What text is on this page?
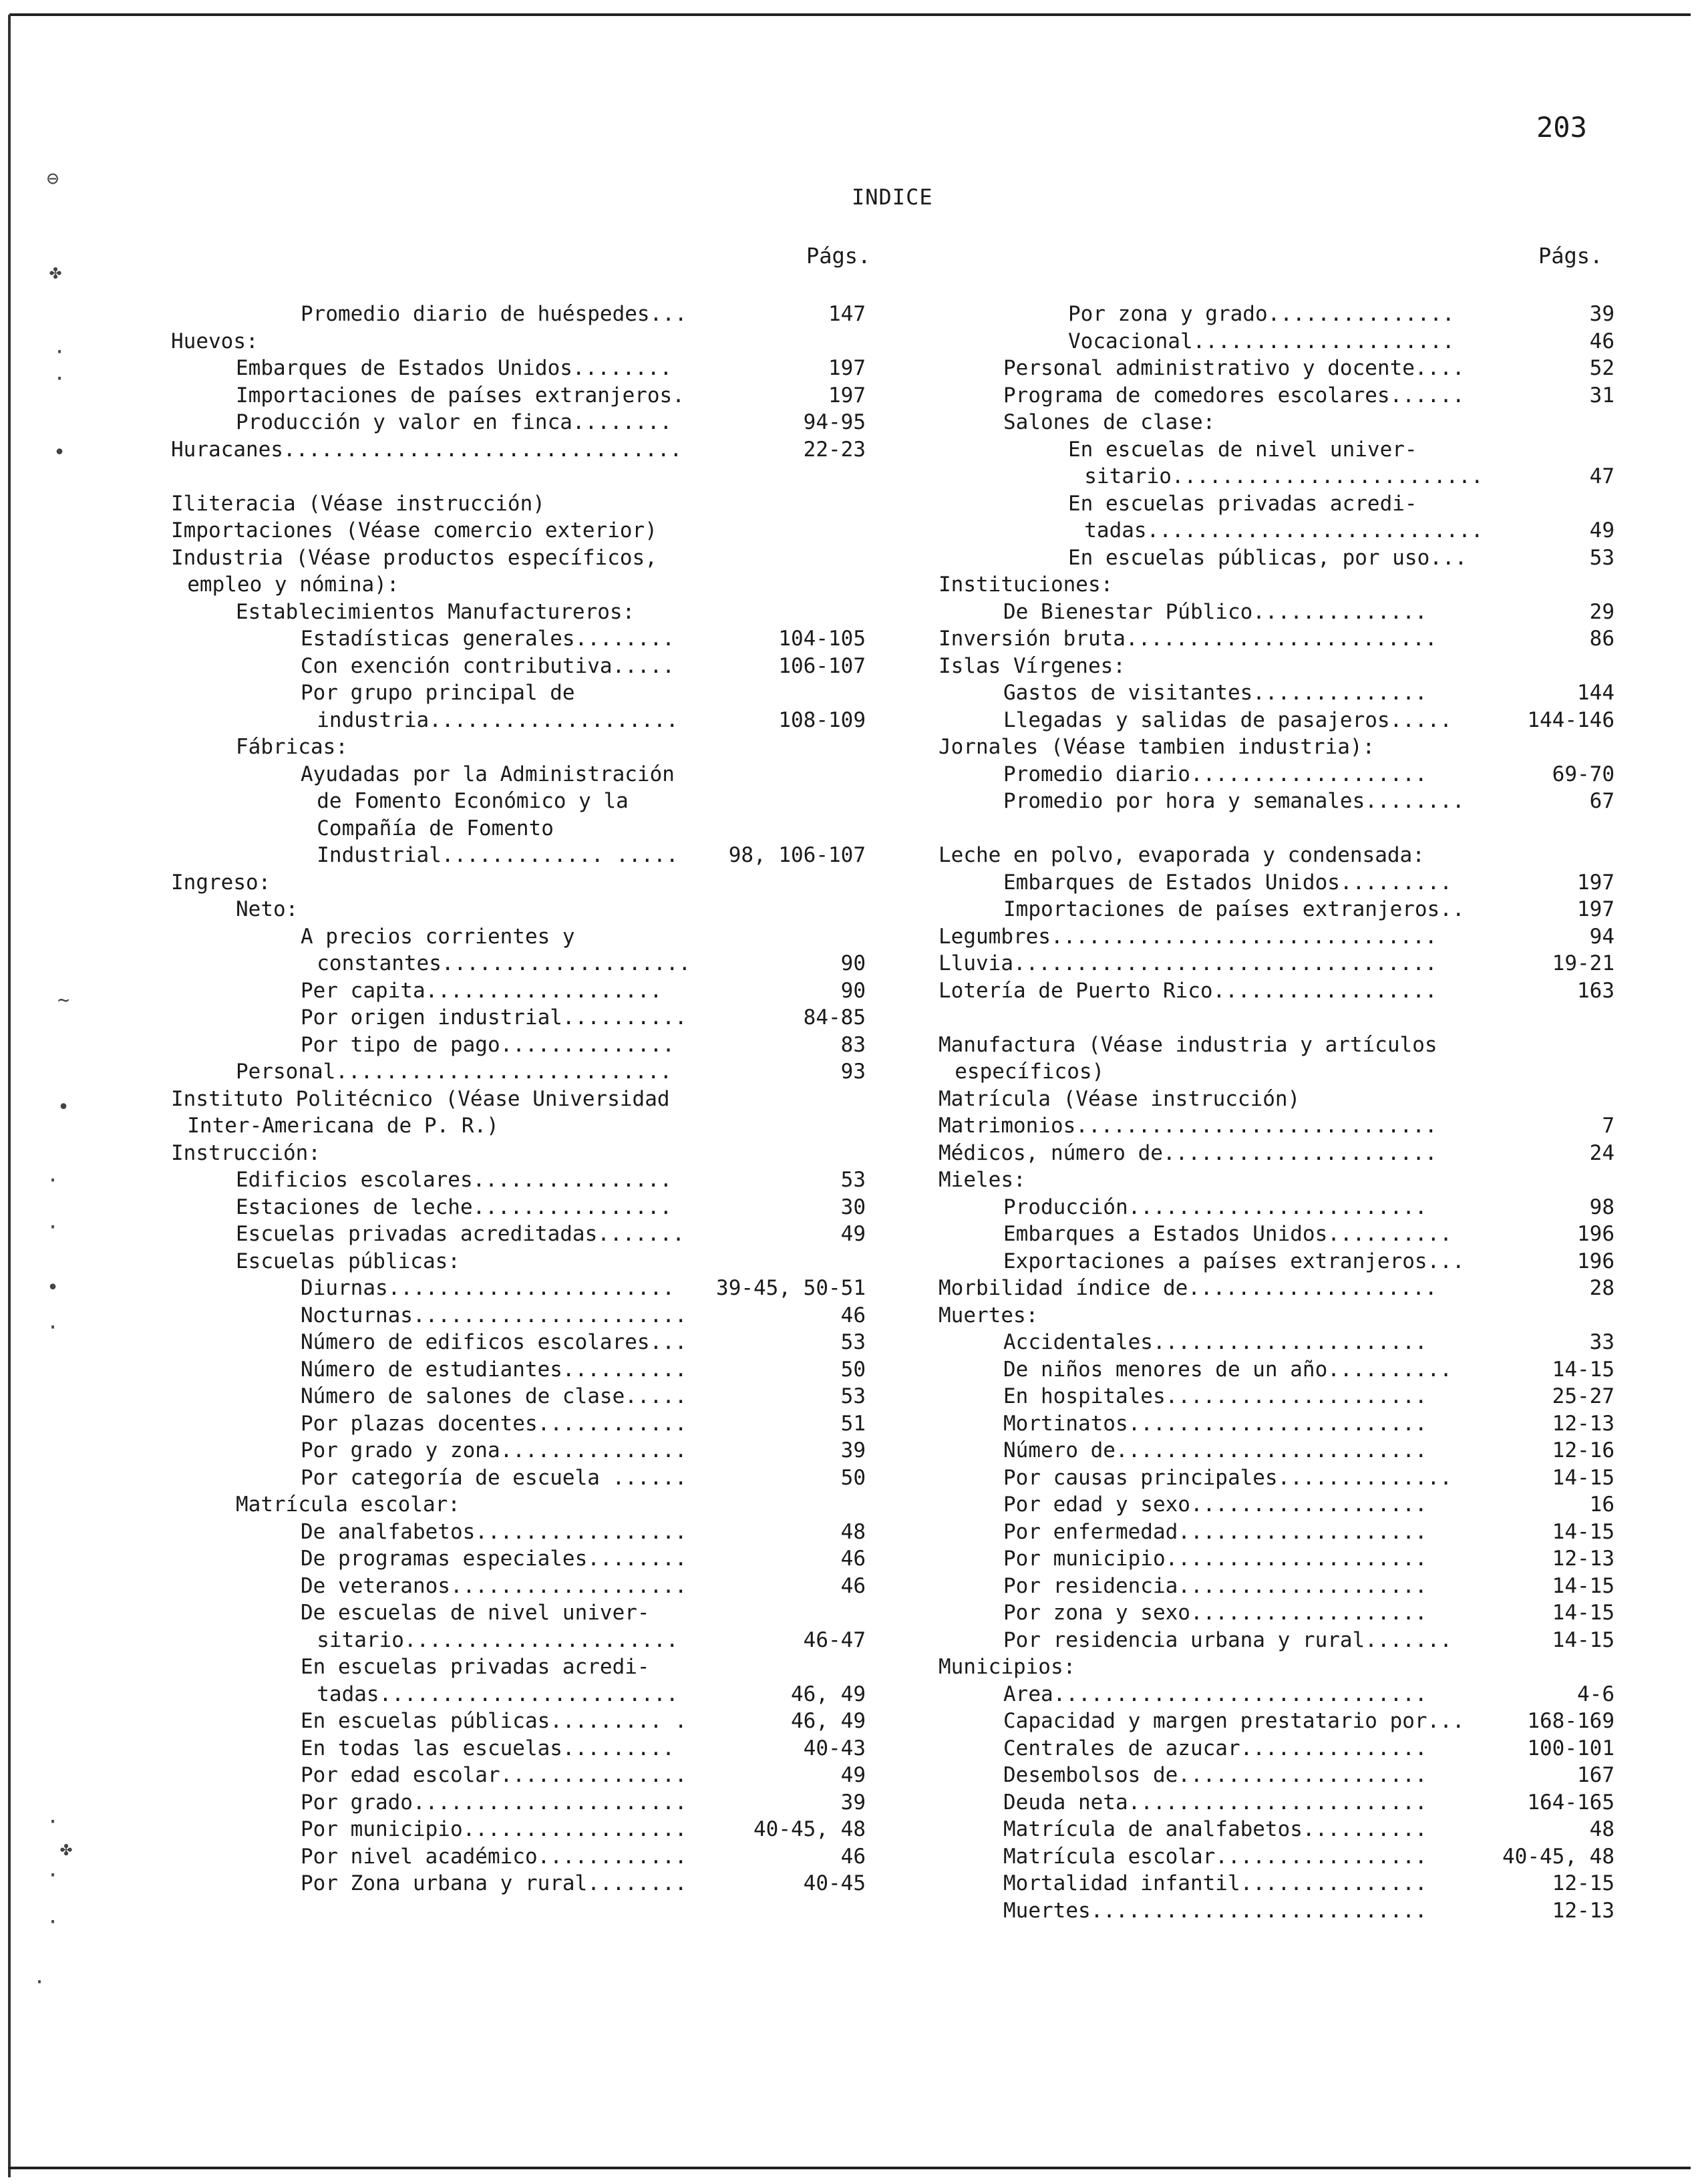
⊖
✤
·
·
•
~
•
·
·
•
·
·
✤
·
·
·
203
INDICE
Págs.	Págs.
Promedio diario de huéspedes...	147
Huevos:
Embarques de Estados Unidos........	197
Importaciones de países extranjeros.	197
Producción y valor en finca........	94-95
Huracanes................................	22-23
Iliteracia (Véase instrucción)
Importaciones (Véase comercio exterior)
Industria (Véase productos específicos,
empleo y nómina):
Establecimientos Manufactureros:
Estadísticas generales........	104-105
Con exención contributiva.....	106-107
Por grupo principal de
industria....................	108-109
Fábricas:
Ayudadas por la Administración
de Fomento Económico y la
Compañía de Fomento
Industrial............. ..... 98, 106-107
Ingreso:
Neto:
A precios corrientes y
constantes....................	90
Per capita...................	90
Por origen industrial..........	84-85
Por tipo de pago..............	83
Personal...........................	93
Instituto Politécnico (Véase Universidad
Inter-Americana de P. R.)
Instrucción:
Edificios escolares................	53
Estaciones de leche................	30
Escuelas privadas acreditadas.......	49
Escuelas públicas:
Diurnas....................... 39-45, 50-51
Nocturnas......................	46
Número de edificos escolares...	53
Número de estudiantes..........	50
Número de salones de clase.....	53
Por plazas docentes............	51
Por grado y zona...............	39
Por categoría de escuela ......	50
Matrícula escolar:
De analfabetos.................	48
De programas especiales........	46
De veteranos...................	46
De escuelas de nivel univer-
sitario......................	46-47
En escuelas privadas acredi-
tadas........................	46, 49
En escuelas públicas......... .	46, 49
En todas las escuelas.........	40-43
Por edad escolar...............	49
Por grado......................	39
Por municipio..................	40-45, 48
Por nivel académico............	46
Por Zona urbana y rural........	40-45
Por zona y grado...............	39
Vocacional.....................	46
Personal administrativo y docente....	52
Programa de comedores escolares......	31
Salones de clase:
En escuelas de nivel univer-
sitario.........................	47
En escuelas privadas acredi-
tadas...........................	49
En escuelas públicas, por uso...	53
Instituciones:
De Bienestar Público..............	29
Inversión bruta.........................	86
Islas Vírgenes:
Gastos de visitantes..............	144
Llegadas y salidas de pasajeros.....	144-146
Jornales (Véase tambien industria):
Promedio diario...................	69-70
Promedio por hora y semanales........	67
Leche en polvo, evaporada y condensada:
Embarques de Estados Unidos.........	197
Importaciones de países extranjeros..	197
Legumbres...............................	94
Lluvia..................................	19-21
Lotería de Puerto Rico..................	163
Manufactura (Véase industria y artículos
específicos)
Matrícula (Véase instrucción)
Matrimonios.............................	7
Médicos, número de......................	24
Mieles:
Producción........................	98
Embarques a Estados Unidos..........	196
Exportaciones a países extranjeros...	196
Morbilidad índice de....................	28
Muertes:
Accidentales......................	33
De niños menores de un año..........	14-15
En hospitales.....................	25-27
Mortinatos........................	12-13
Número de.........................	12-16
Por causas principales..............	14-15
Por edad y sexo...................	16
Por enfermedad....................	14-15
Por municipio.....................	12-13
Por residencia....................	14-15
Por zona y sexo...................	14-15
Por residencia urbana y rural.......	14-15
Municipios:
Area..............................	4-6
Capacidad y margen prestatario por...	168-169
Centrales de azucar...............	100-101
Desembolsos de....................	167
Deuda neta........................	164-165
Matrícula de analfabetos..........	48
Matrícula escolar.................	40-45, 48
Mortalidad infantil...............	12-15
Muertes...........................	12-13
